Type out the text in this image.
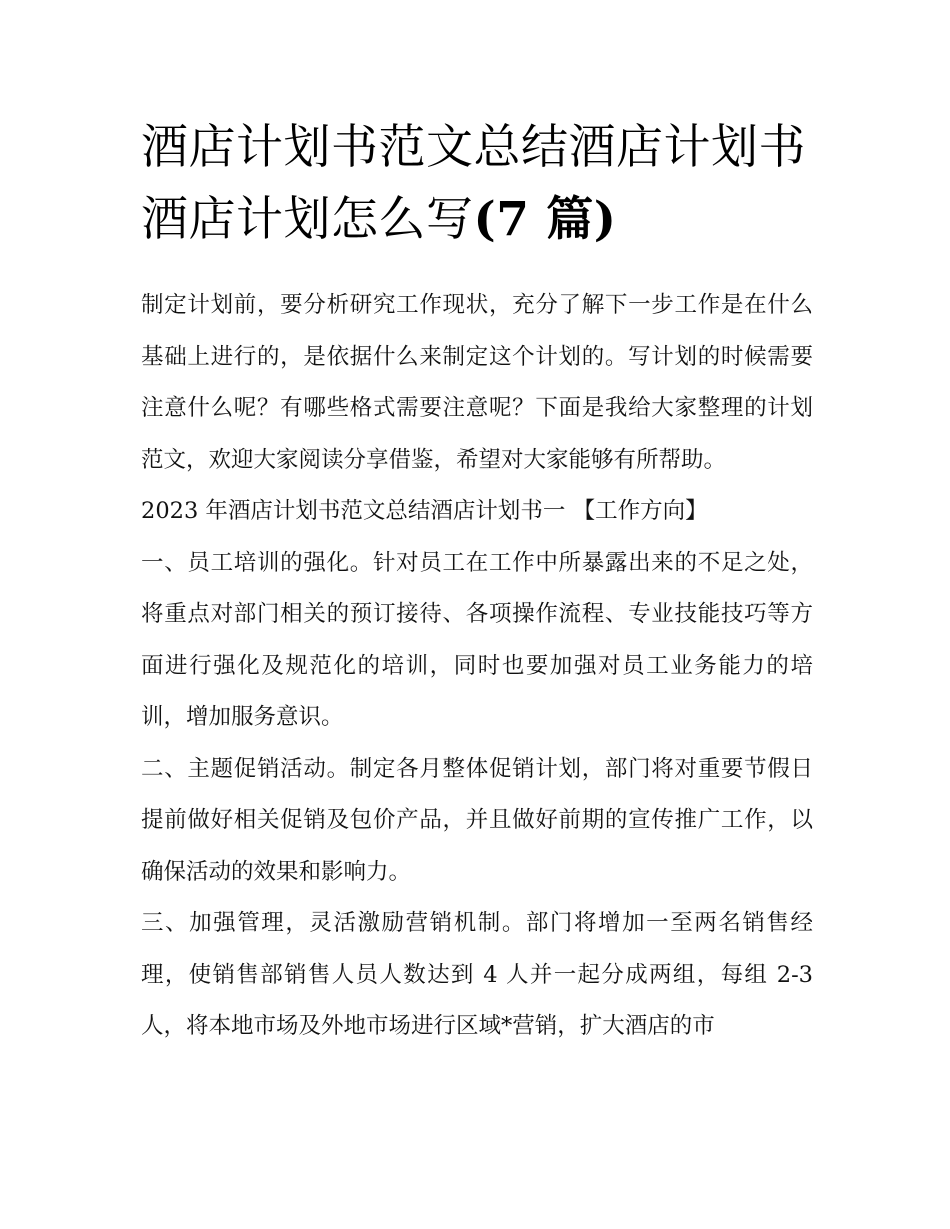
酒店计划书范文总结酒店计划书 酒店计划怎么写(7 篇)

制定计划前，要分析研究工作现状，充分了解下一步工作是在什么基础上进行的，是依据什么来制定这个计划的。写计划的时候需要注意什么呢？有哪些格式需要注意呢？下面是我给大家整理的计划范文，欢迎大家阅读分享借鉴，希望对大家能够有所帮助。

2023 年酒店计划书范文总结酒店计划书一 【工作方向】

一、员工培训的强化。针对员工在工作中所暴露出来的不足之处，将重点对部门相关的预订接待、各项操作流程、专业技能技巧等方面进行强化及规范化的培训，同时也要加强对员工业务能力的培训，增加服务意识。

二、主题促销活动。制定各月整体促销计划，部门将对重要节假日提前做好相关促销及包价产品，并且做好前期的宣传推广工作，以确保活动的效果和影响力。

三、加强管理，灵活激励营销机制。部门将增加一至两名销售经理，使销售部销售人员人数达到 4 人并一起分成两组，每组 2-3 人，将本地市场及外地市场进行区域*营销，扩大酒店的市
